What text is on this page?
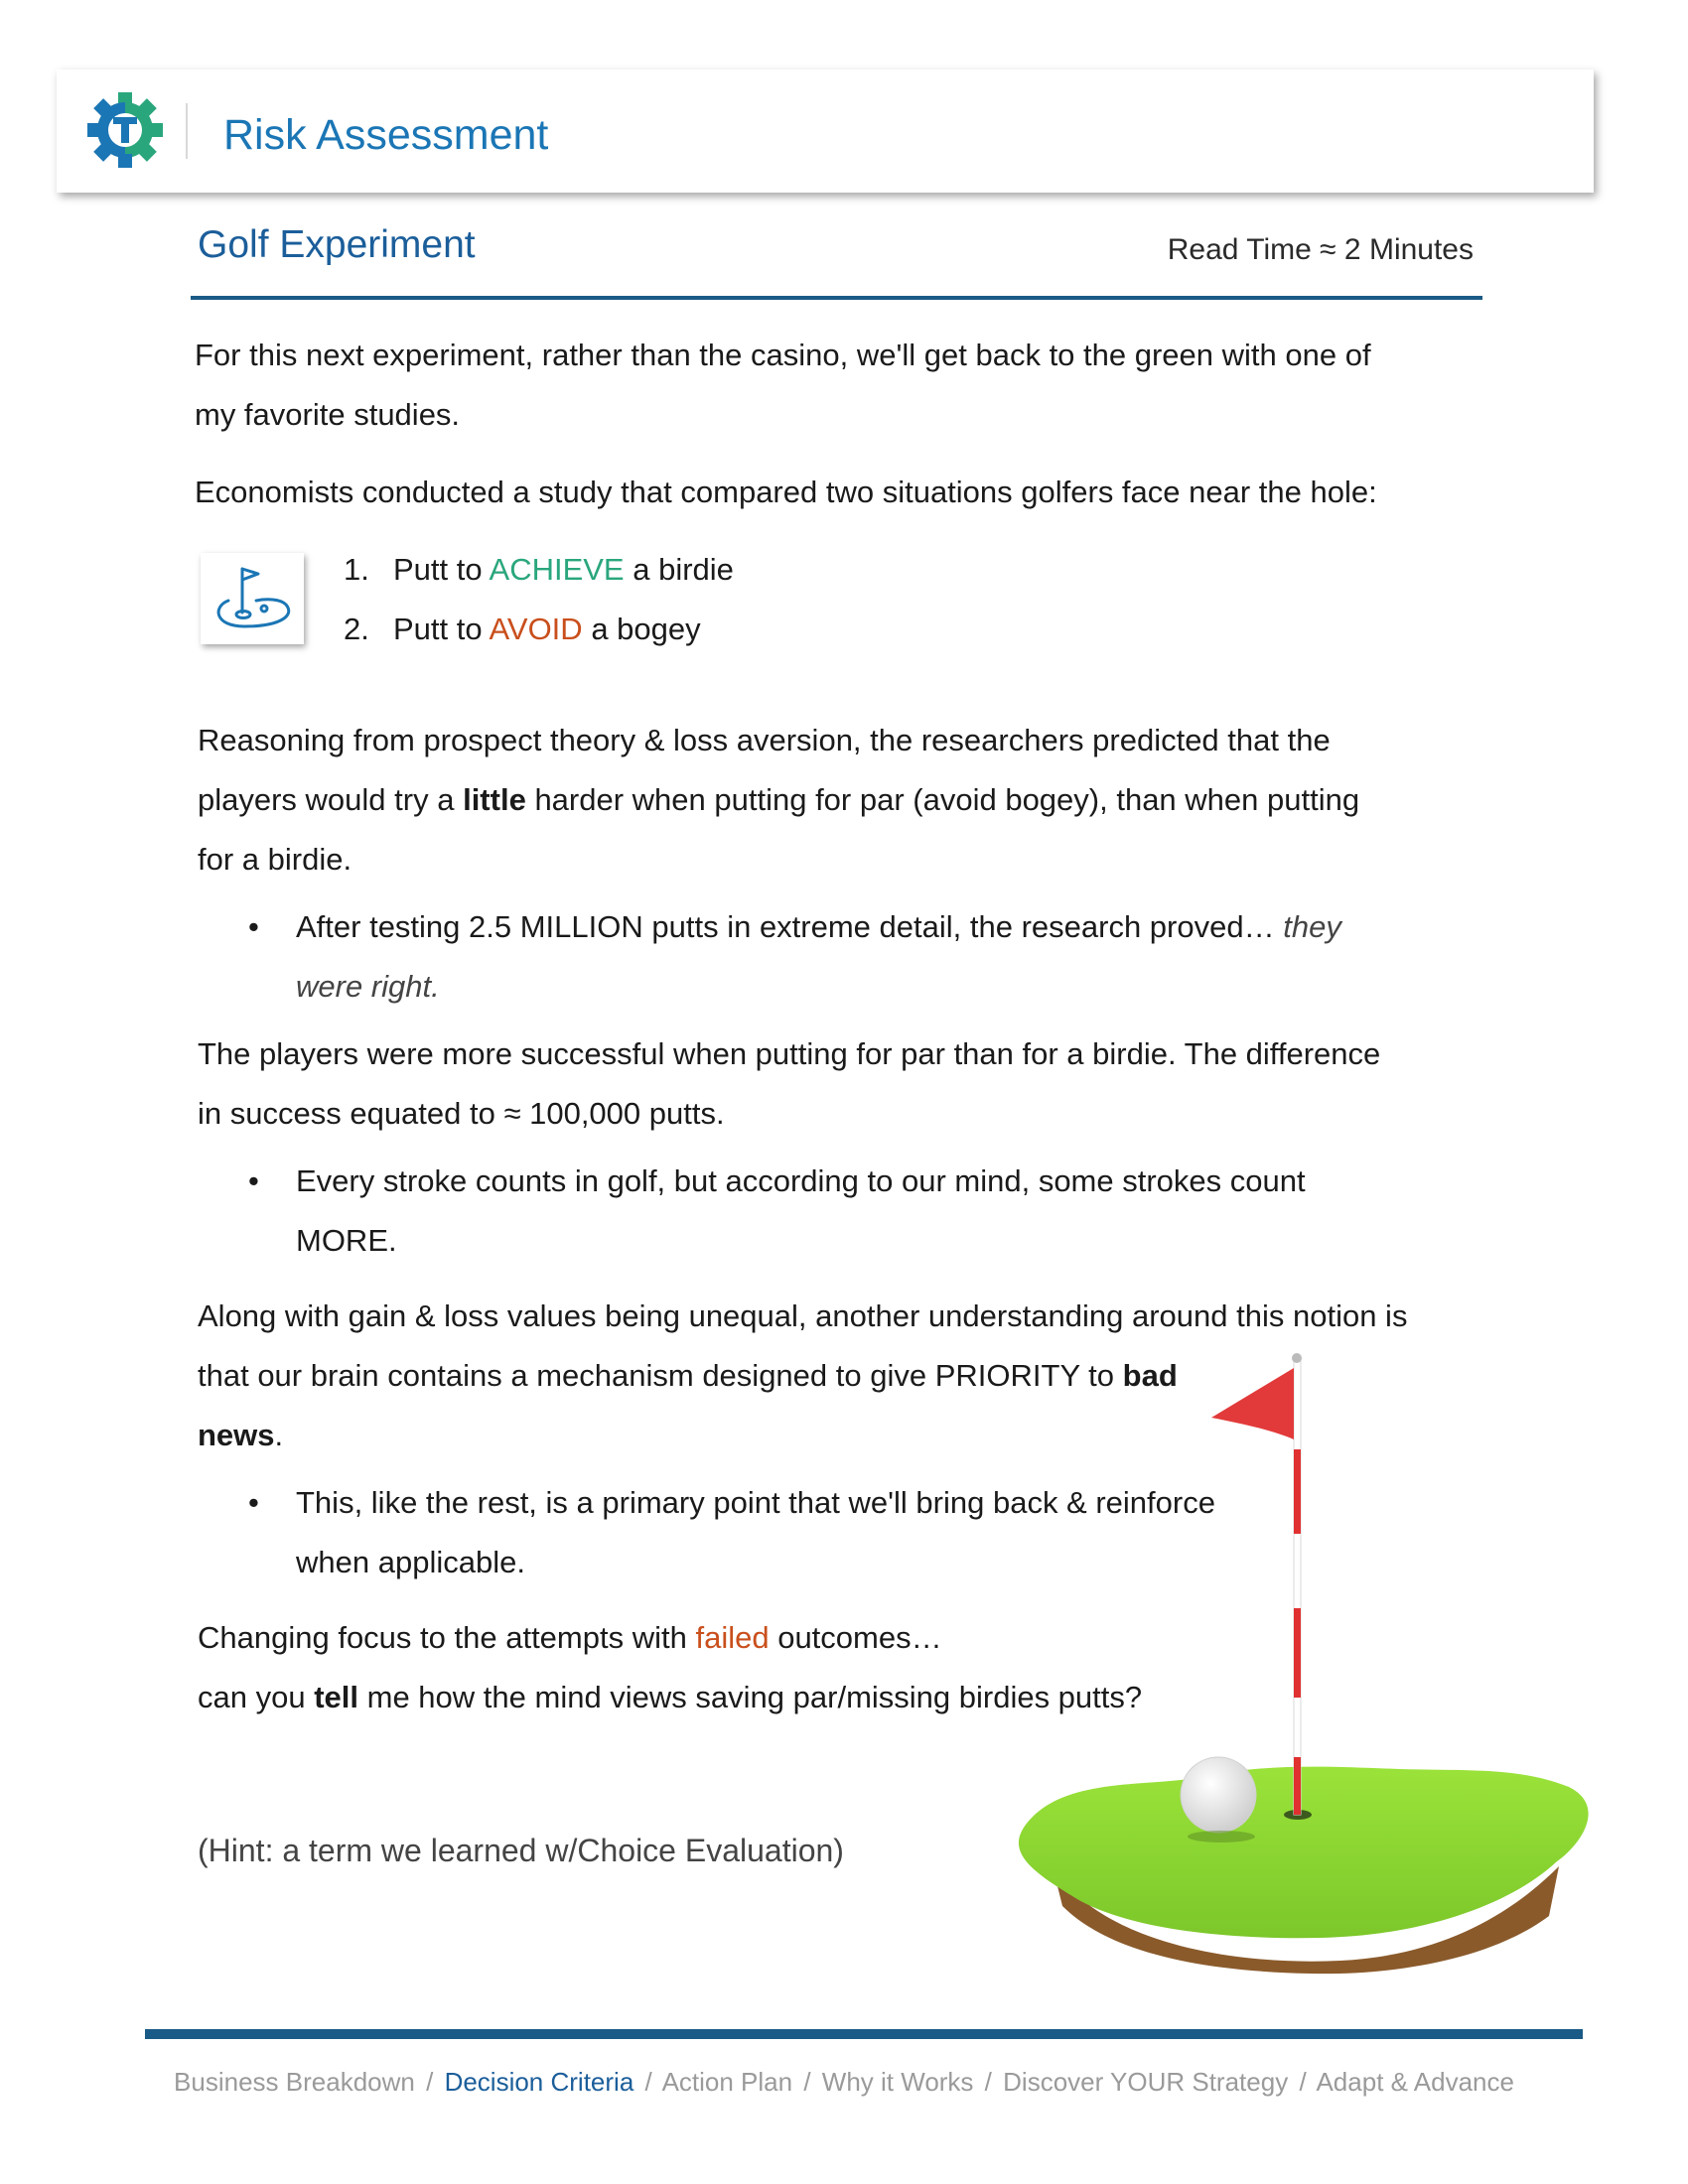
Risk Assessment
Golf Experiment	Read Time ≈ 2 Minutes

For this next experiment, rather than the casino, we'll get back to the green with one of
my favorite studies.

Economists conducted a study that compared two situations golfers face near the hole:

1. Putt to ACHIEVE a birdie
2. Putt to AVOID a bogey

Reasoning from prospect theory & loss aversion, the researchers predicted that the
players would try a little harder when putting for par (avoid bogey), than when putting
for a birdie.

• After testing 2.5 MILLION putts in extreme detail, the research proved… they
were right.

The players were more successful when putting for par than for a birdie. The difference
in success equated to ≈ 100,000 putts.

• Every stroke counts in golf, but according to our mind, some strokes count
MORE.

Along with gain & loss values being unequal, another understanding around this notion is
that our brain contains a mechanism designed to give PRIORITY to bad
news.

• This, like the rest, is a primary point that we'll bring back & reinforce
when applicable.

Changing focus to the attempts with failed outcomes…
can you tell me how the mind views saving par/missing birdies putts?

(Hint: a term we learned w/Choice Evaluation)
Business Breakdown / Decision Criteria / Action Plan / Why it Works / Discover YOUR Strategy / Adapt & Advance
